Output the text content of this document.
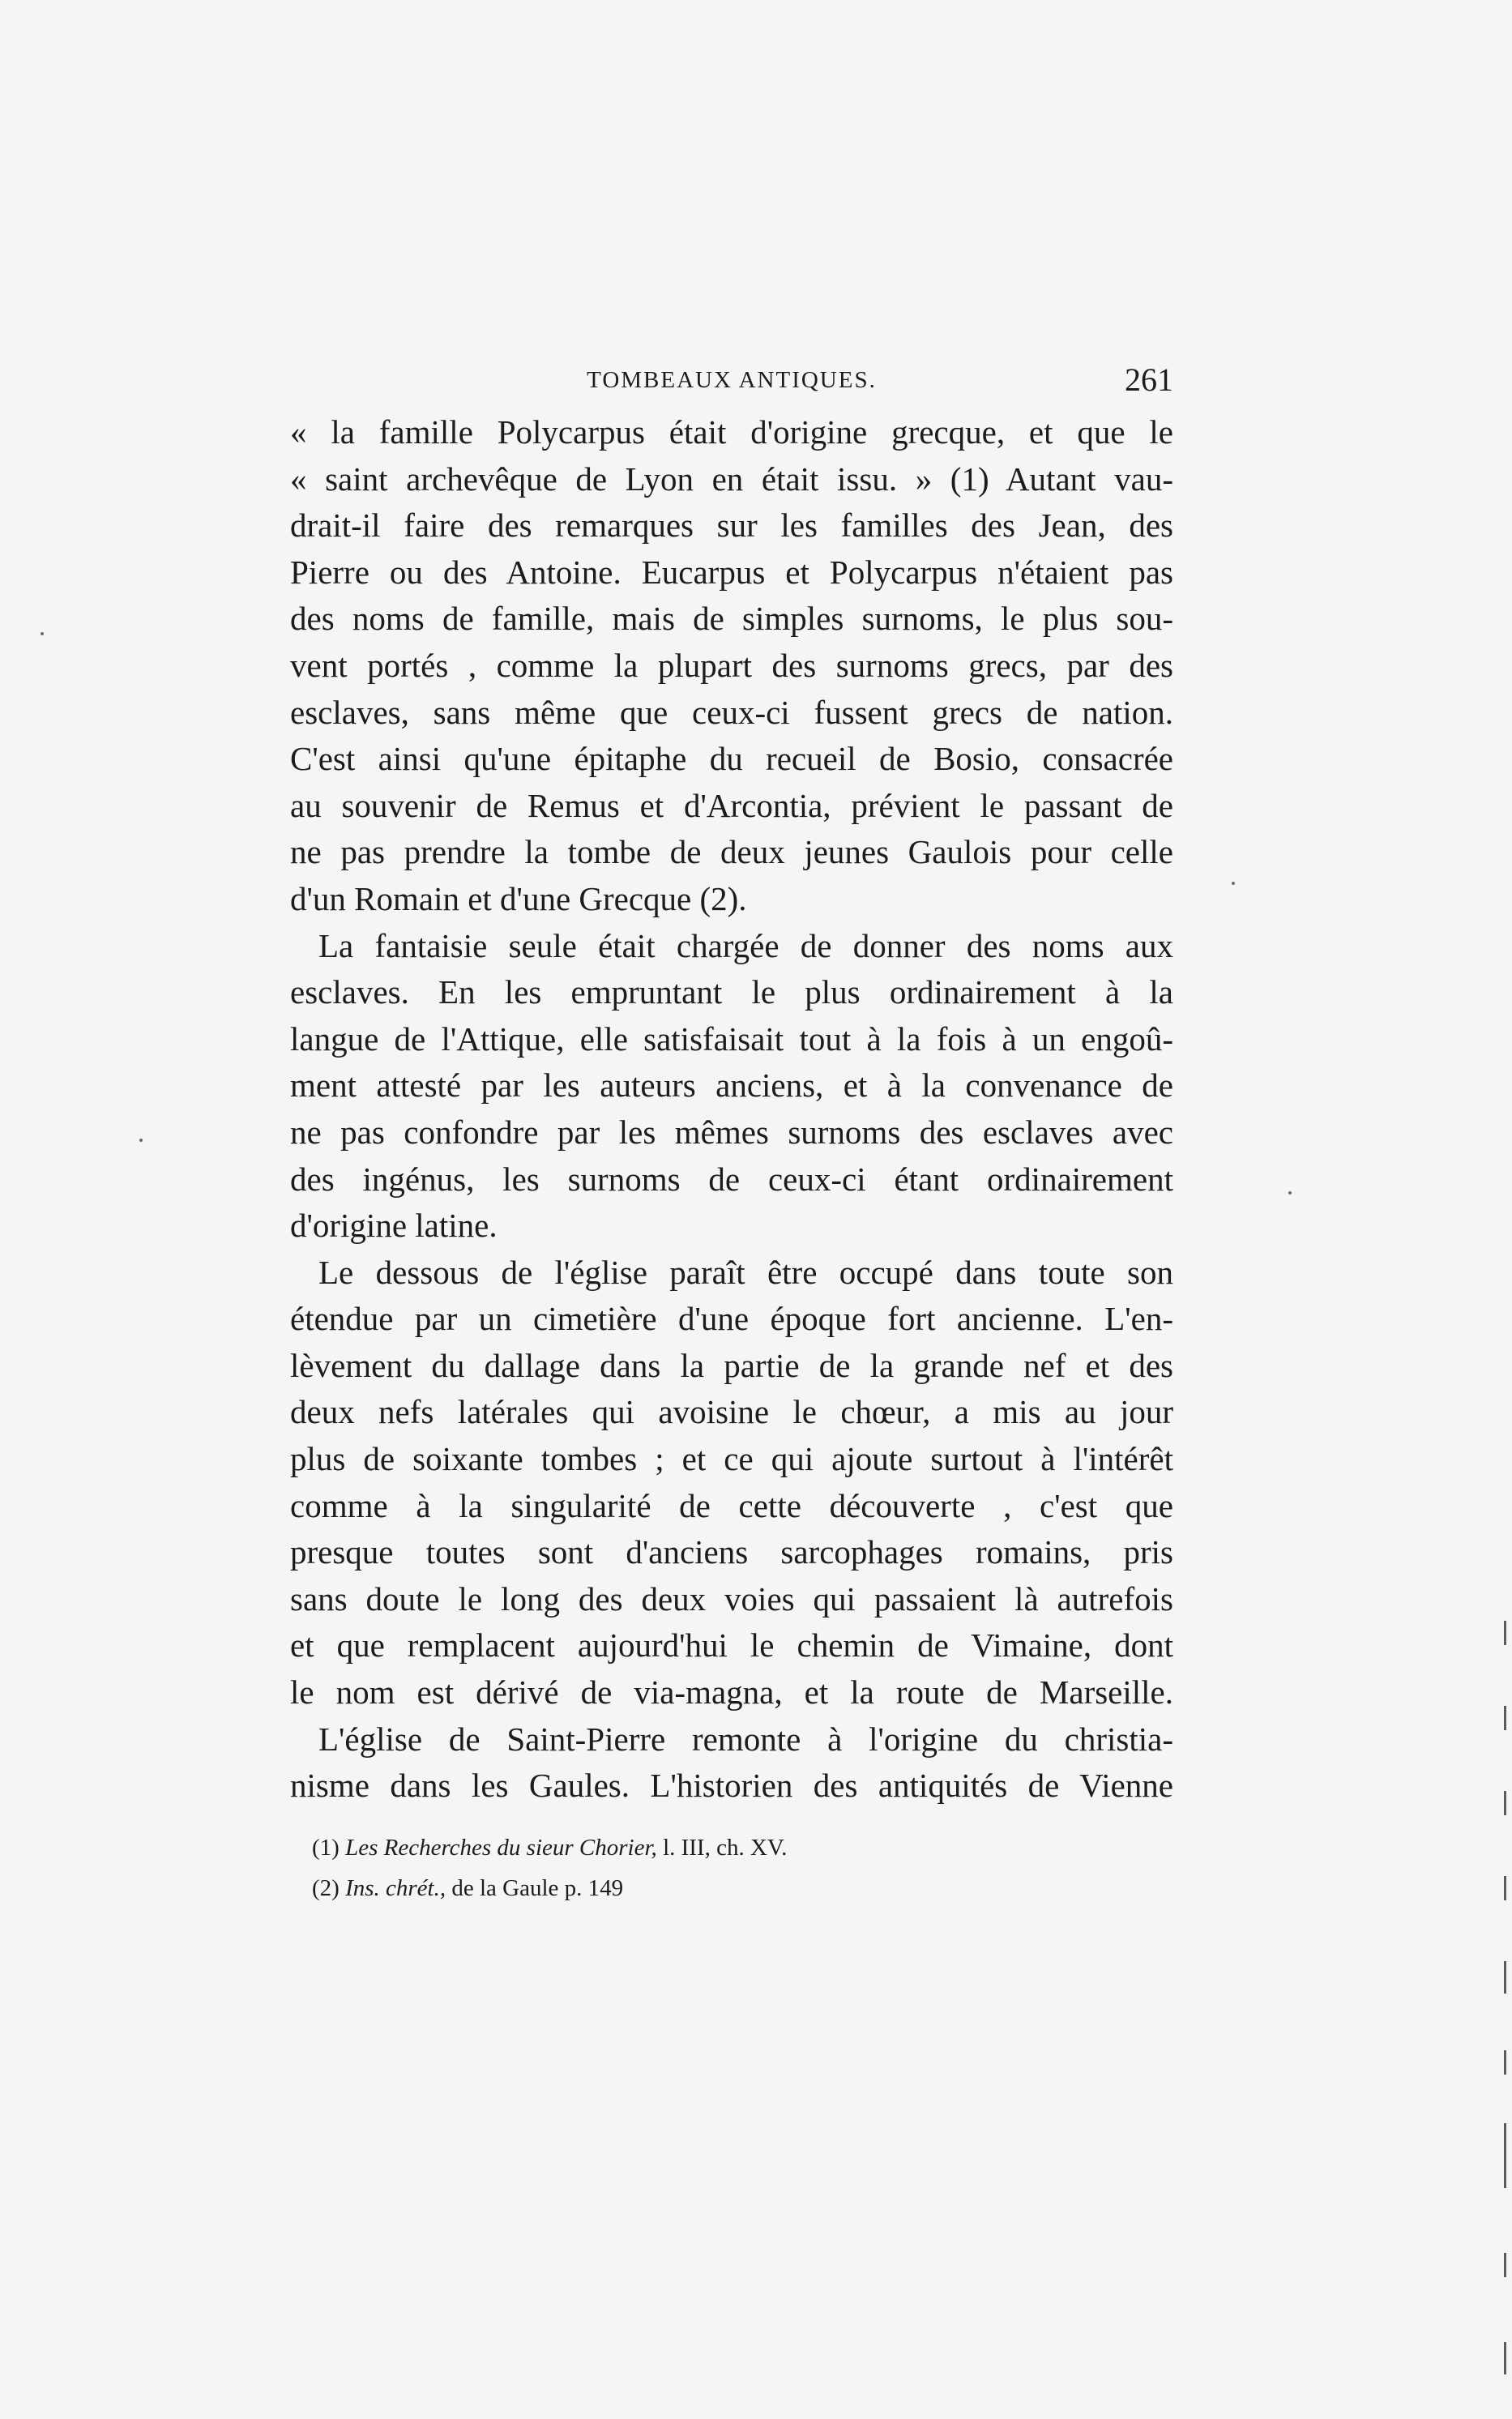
TOMBEAUX ANTIQUES.	261
« la famille Polycarpus était d'origine grecque, et que le
« saint archevêque de Lyon en était issu. » (1) Autant vau-
drait-il faire des remarques sur les familles des Jean, des
Pierre ou des Antoine. Eucarpus et Polycarpus n'étaient pas
des noms de famille, mais de simples surnoms, le plus sou-
vent portés , comme la plupart des surnoms grecs, par des
esclaves, sans même que ceux-ci fussent grecs de nation.
C'est ainsi qu'une épitaphe du recueil de Bosio, consacrée
au souvenir de Remus et d'Arcontia, prévient le passant de
ne pas prendre la tombe de deux jeunes Gaulois pour celle
d'un Romain et d'une Grecque (2).
La fantaisie seule était chargée de donner des noms aux
esclaves. En les empruntant le plus ordinairement à la
langue de l'Attique, elle satisfaisait tout à la fois à un engoû-
ment attesté par les auteurs anciens, et à la convenance de
ne pas confondre par les mêmes surnoms des esclaves avec
des ingénus, les surnoms de ceux-ci étant ordinairement
d'origine latine.
Le dessous de l'église paraît être occupé dans toute son
étendue par un cimetière d'une époque fort ancienne. L'en-
lèvement du dallage dans la partie de la grande nef et des
deux nefs latérales qui avoisine le chœur, a mis au jour
plus de soixante tombes ; et ce qui ajoute surtout à l'intérêt
comme à la singularité de cette découverte , c'est que
presque toutes sont d'anciens sarcophages romains, pris
sans doute le long des deux voies qui passaient là autrefois
et que remplacent aujourd'hui le chemin de Vimaine, dont
le nom est dérivé de via-magna, et la route de Marseille.
L'église de Saint-Pierre remonte à l'origine du christia-
nisme dans les Gaules. L'historien des antiquités de Vienne
(1) Les Recherches du sieur Chorier, l. III, ch. XV.
(2) Ins. chrét., de la Gaule p. 149
